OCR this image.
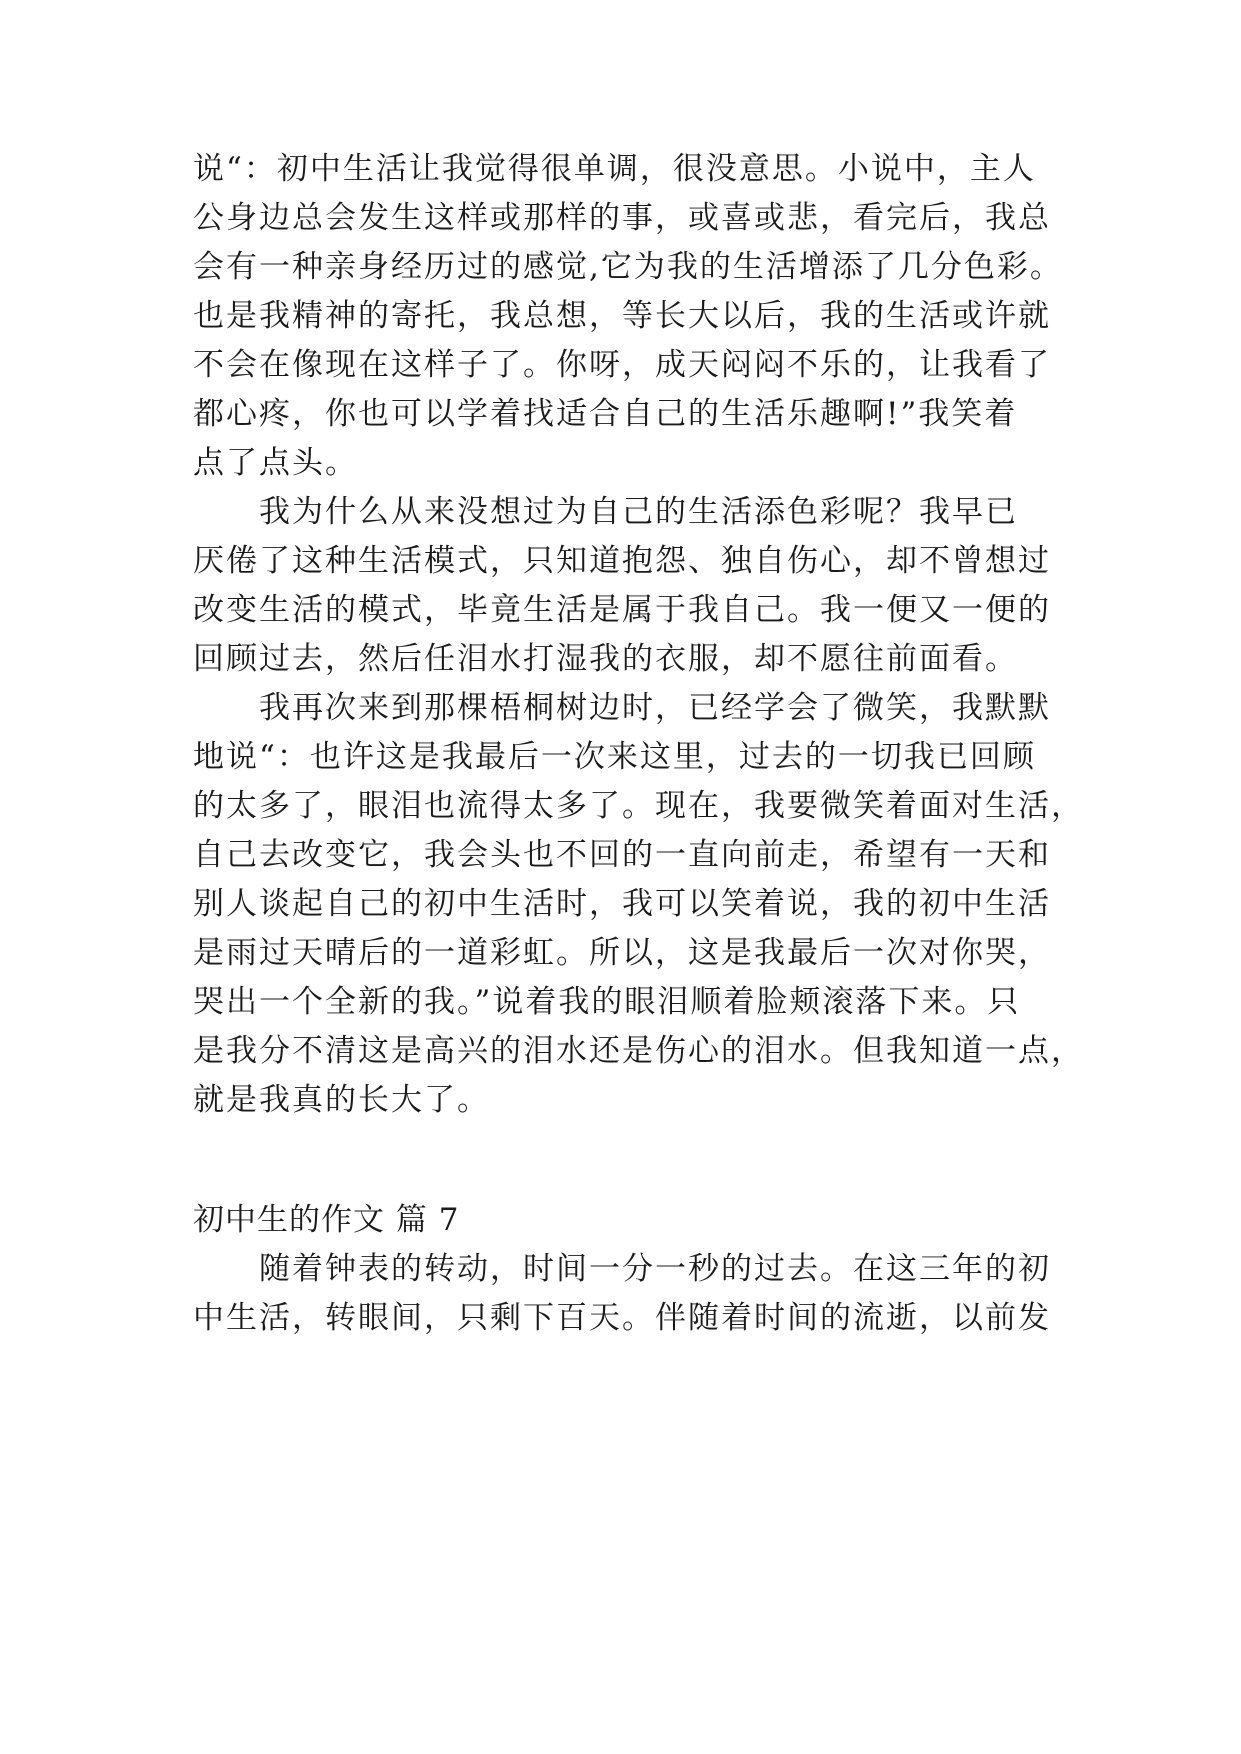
说“：初中生活让我觉得很单调，很没意思。小说中，主人
公身边总会发生这样或那样的事，或喜或悲，看完后，我总
会有一种亲身经历过的感觉,它为我的生活增添了几分色彩。
也是我精神的寄托，我总想，等长大以后，我的生活或许就
不会在像现在这样子了。你呀，成天闷闷不乐的，让我看了
都心疼，你也可以学着找适合自己的生活乐趣啊!”我笑着
点了点头。
我为什么从来没想过为自己的生活添色彩呢？我早已
厌倦了这种生活模式，只知道抱怨、独自伤心，却不曾想过
改变生活的模式，毕竟生活是属于我自己。我一便又一便的
回顾过去，然后任泪水打湿我的衣服，却不愿往前面看。
我再次来到那棵梧桐树边时，已经学会了微笑，我默默
地说“：也许这是我最后一次来这里，过去的一切我已回顾
的太多了，眼泪也流得太多了。现在，我要微笑着面对生活，
自己去改变它，我会头也不回的一直向前走，希望有一天和
别人谈起自己的初中生活时，我可以笑着说，我的初中生活
是雨过天晴后的一道彩虹。所以，这是我最后一次对你哭，
哭出一个全新的我。”说着我的眼泪顺着脸颊滚落下来。只
是我分不清这是高兴的泪水还是伤心的泪水。但我知道一点，
就是我真的长大了。
初中生的作文 篇 7
随着钟表的转动，时间一分一秒的过去。在这三年的初
中生活，转眼间，只剩下百天。伴随着时间的流逝，以前发
